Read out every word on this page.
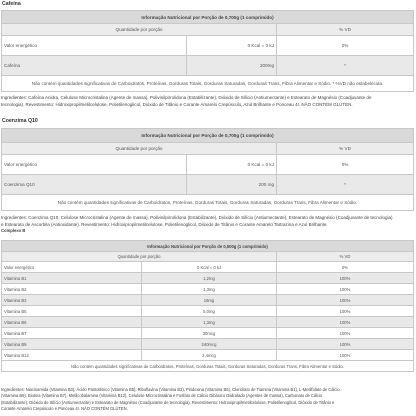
Cafeína
Informação Nutricional por Porção de 0,700g (1 comprimido)		
Quantidade por porção		% VD
Valor energético	0 Kcal = 0 kJ	0%
Cafeína	200mg	*
Não contém quantidades significativas de Carboidratos, Proteínas, Gorduras Totais, Gorduras Saturadas, Gorduras Trans, Fibra Alimentar e Sódio. * %VD não estabelecida.		
Ingredientes: Cafeína Anidra, Celulose Microcristalina (Agente de massa), Polivinilpirrolidona (Estabilizante), Dióxido de Silício (Antiumectante) e Estearato de Magnésio (Coadjuvante de
tecnologia). Revestimento: Hidroxipropilmetilcelulose, Polietilenoglicol, Dióxido de Titânio e Corante Amarelo Crepúsculo, Azul Brilhante e Ponceau 4r. NÃO CONTÉM GLÚTEN.
Coenzima Q10
Informação Nutricional por Porção de 0,700g (1 comprimido)		
Quantidade por porção		% VD
Valor energético	0 Kcal = 0 kJ	0%
Coenzima Q10	200 mg	*
Não contém quantidades significativas de Carboidratos, Proteínas, Gorduras Totais, Gorduras Saturadas, Gorduras Trans, Fibra Alimentar e Sódio.		
Ingredientes: Coenzima Q10, Celulose Microcristalina (Agente de massa), Polivinilpirrolidona (Estabilizante), Dióxido de Silício (Antiumectante), Estearato de Magnésio (Coadjuvante de tecnologia)
e Estearato de Ascorbila (Antioxidante). Revestimento: Hidroxipropilmetilcelulose, Polietilenoglicol, Dióxido de Titânio e Corante Amarelo Tartrazina e Azul Brilhante.
Complexo B
Informação Nutricional por Porção de 0,500g (1 comprimido)		
Quantidade por porção		% VD
Valor energético	0 Kcal = 0 kJ	0%
Vitamina B1	1,2mg	100%
Vitamina B2	1,3mg	100%
Vitamina B3	16mg	100%
Vitamina B5	5,0mg	100%
Vitamina B6	1,3mg	100%
Vitamina B7	30mcg	100%
Vitamina B9	240mcg	100%
Vitamina B12	2,4mcg	100%
Não contém quantidades significativas de Carboidratos, Proteínas, Gorduras Totais, Gorduras Saturadas, Gorduras Trans, Fibra Alimentar e Sódio.		
Ingredientes: Niacinamida (Vitamina B3), Ácido Pantotênico (Vitamina B5), Riboflavina (Vitamina B2), Piridoxina (Vitamina B6), Cloridrato de Tiamina (Vitamina B1), L-Metilfolato de Cálcio
(Vitamina B9), Biotina (Vitamina B7), Metilcobalamina (Vitamina B12), Celulose Microcristalina e Fosfato de Cálcio Dibásico Diidratado (Agentes de massa), Carbonato de Cálcio
(Estabilizante), Dióxido de Silício (Antiumectante) e Estearato de Magnésio (Coadjuvante de tecnologia). Revestimento: Hidroxipropilmetilcelulose, Polietilenoglicol, Dióxido de Titânio e
Corante Amarelo Crepúsculo e Ponceau 4r. NÃO CONTÉM GLÚTEN.
